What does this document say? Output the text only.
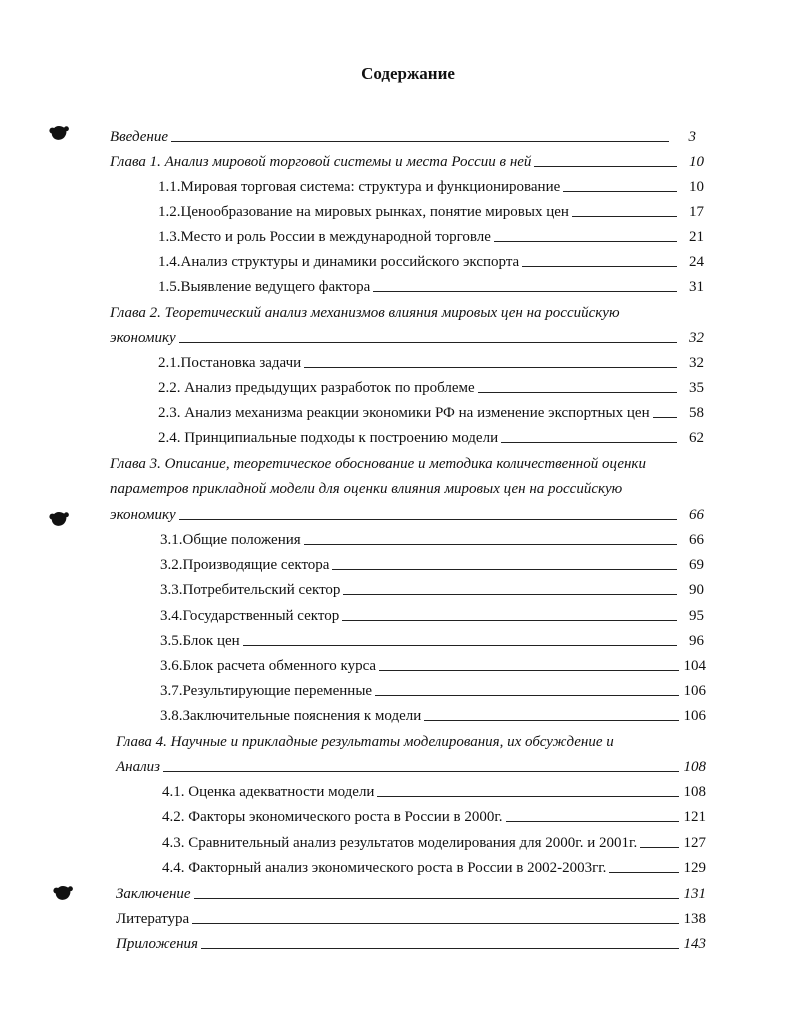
Содержание
Введение	3
Глава 1. Анализ мировой торговой системы и места России в ней	10
1.1.Мировая торговая система: структура и функционирование	10
1.2.Ценообразование на мировых рынках, понятие мировых цен	17
1.3.Место и роль России в международной торговле	21
1.4.Анализ структуры и динамики российского экспорта	24
1.5.Выявление ведущего фактора	31
Глава 2. Теоретический анализ механизмов влияния мировых цен на российскую
экономику	32
2.1.Постановка задачи	32
2.2. Анализ предыдущих разработок по проблеме	35
2.3. Анализ механизма реакции экономики РФ на изменение экспортных цен	58
2.4. Принципиальные подходы к построению модели	62
Глава 3. Описание, теоретическое обоснование и методика количественной оценки
параметров прикладной модели для оценки влияния мировых цен на российскую
экономику	66
3.1.Общие положения	66
3.2.Производящие сектора	69
3.3.Потребительский сектор	90
3.4.Государственный сектор	95
3.5.Блок цен	96
3.6.Блок расчета обменного курса	104
3.7.Результирующие переменные	106
3.8.Заключительные пояснения к модели	106
Глава 4. Научные и прикладные результаты моделирования, их обсуждение и
Анализ	108
4.1. Оценка адекватности модели	108
4.2. Факторы экономического роста в России в 2000г.	121
4.3. Сравнительный анализ результатов моделирования для 2000г. и 2001г.	127
4.4. Факторный анализ экономического роста в России в 2002-2003гг.	129
Заключение	131
Литература	138
Приложения	143
